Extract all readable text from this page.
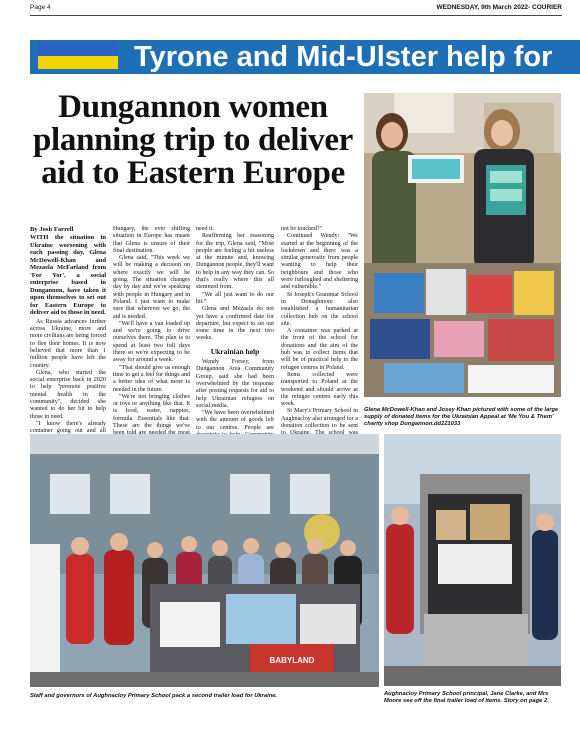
Page 4	WEDNESDAY, 9th March 2022- COURIER
Tyrone and Mid-Ulster help for
Dungannon women planning trip to deliver aid to Eastern Europe
By Josh Farrell
WITH the situation in Ukraine worsening with each passing day, Glena McDowell-Khan and Mezaela McFarland from 'For Yor', a social enterprise based in Dungannon, have taken it upon themselves to set out for Eastern Europe to deliver aid to those in need.

As Russia advances further across Ukraine, more and more civilians are being forced to flee their homes. It is now believed that more than 1 million people have left the country.

Glena, who started the social enterprise back in 2020 to help "promote positive mental health in the community", decided she wanted to do her bit to help those in need.

"I know there's already container going out and all

Hungary, the ever shifting situation in Europe has meant that Glena is unsure of their final destination.

Glena said, "This week we will be making a decision on where exactly we will be going. The situation changes day by day and we're speaking with people in Hungary and in Poland. I just want to make sure that wherever we go, the aid is needed.

"We'll have a van loaded up and we're going to drive ourselves there. The plan is to spend at least two full days there so we're expecting to be away for around a week.

"That should give us enough time to get a feel for things and a better idea of what more is needed in the future.

"We're not bringing clothes or toys or anything like that. It is food, water, nappies, formula. Essentials like that. These are the things we've

need it.

Reaffirming her reasoning for the trip, Glena said, "Most people are feeling a bit useless at the minute and, knowing Dungannon people, they'll want to help in any way they can. So that's really where this all stemmed from.

"We all just want to do our bit."

Glena and Mezaela do not yet have a confirmed date for departure, but expect to set out some time in the next two weeks.

Ukrainian help

Wendy Forsey, from Dungannon Area Community Group, said she had been overwhelmed by the response after posting requests for aid to help Ukrainian refugees on social media.

"We have been overwhelmed with the amount of goods left to our centres. People are

not be touched?"

Continued Wendy: "We started at the beginning of the lockdown and there was a similar generosity from people wanting to help their neighbours and those who were furloughed and sheltering and vulnerable."

St Joseph's Grammar School in Donaghmore also established a humanitarian collection hub on the school site.

A container was parked at the front of the school for donations and the aim of the hub was to collect items that will be of practical help to the refugee centres in Poland.

Items collected were transported to Poland at the weekend and should arrive at the refugee centres early this week.

St Mary's Primary School in Aughnacloy also arranged for a donation collection to be sent

Glena McDowell-Khan and Josey Khan pictured with some of the large supply of donated items for the Ukrainian Appeal at 'Me You & Them' charity shop Dungannon.dd221033
BABYLAND
Staff and governors of Aughnacloy Primary School pack a second trailer load for Ukraine.	Aughnacloy Primary School principal, Jane Clarke, and Mrs Moore see off the final trailer load of items. Story on page 2.
